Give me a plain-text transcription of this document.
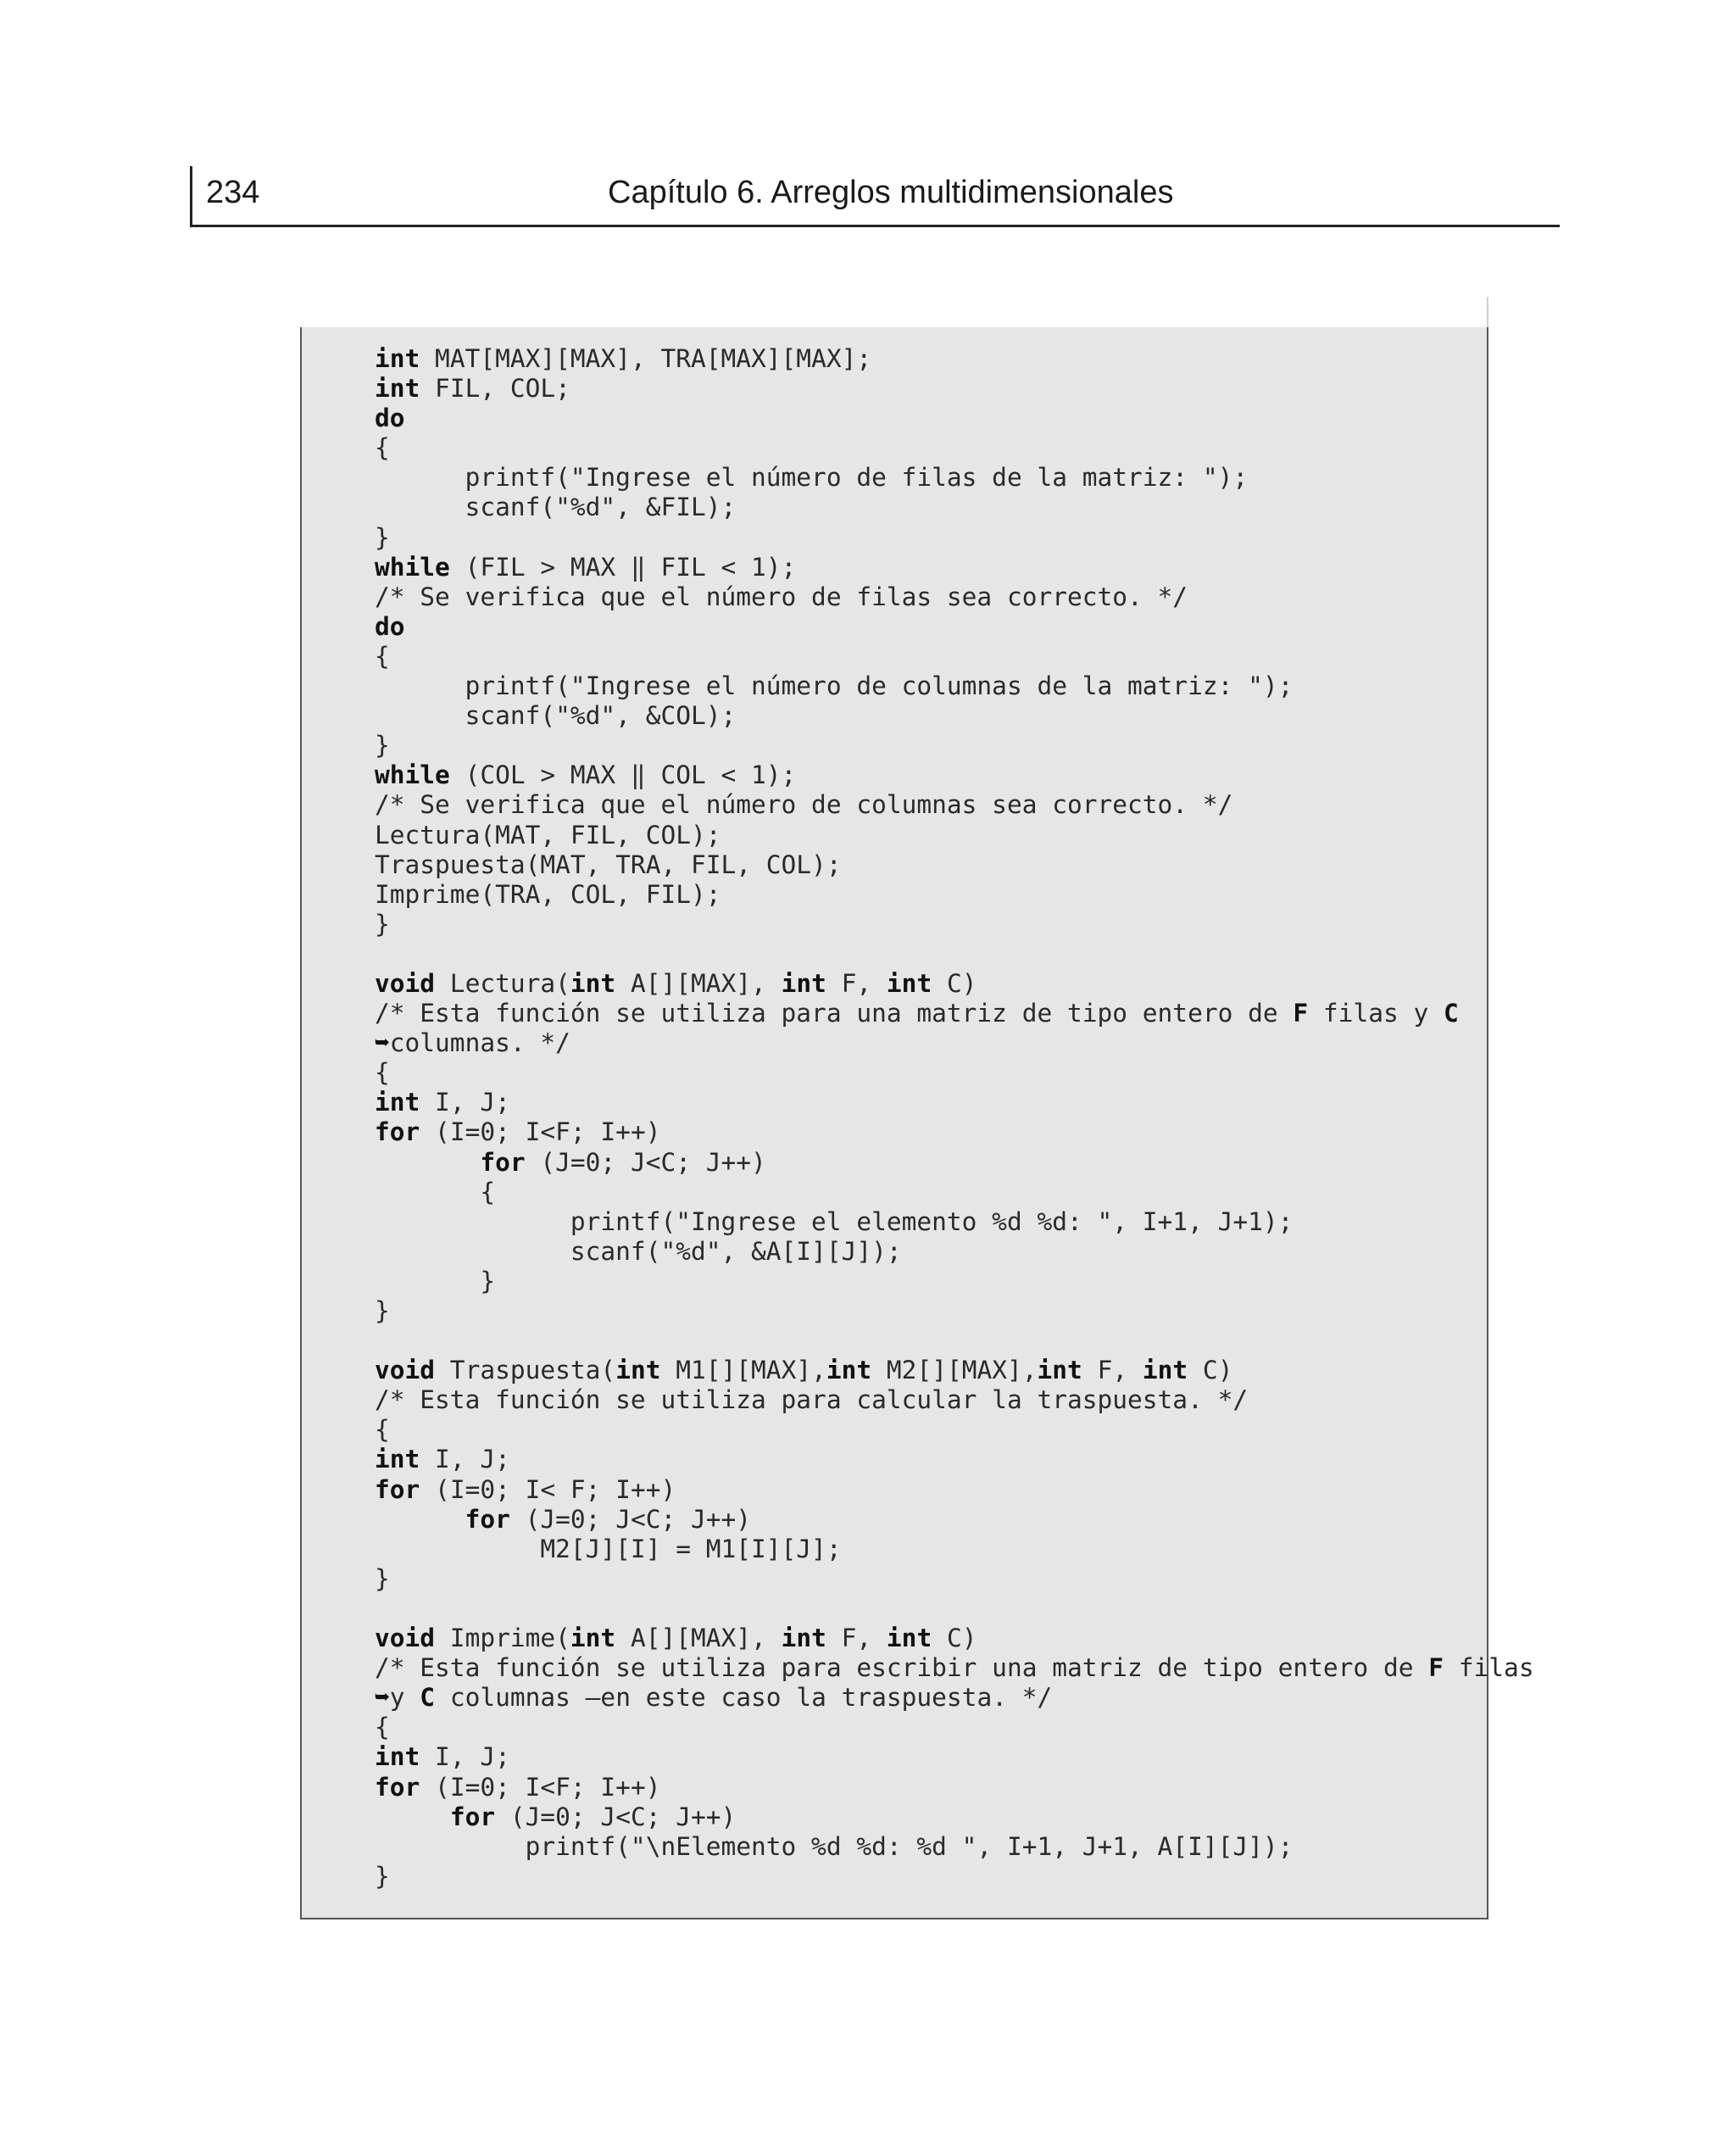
234	Capítulo 6. Arreglos multidimensionales
int MAT[MAX][MAX], TRA[MAX][MAX];
int FIL, COL;
do
{
printf("Ingrese el número de filas de la matriz: ");
scanf("%d", &FIL);
}
while (FIL > MAX ‖ FIL < 1);
/* Se verifica que el número de filas sea correcto. */
do
{
printf("Ingrese el número de columnas de la matriz: ");
scanf("%d", &COL);
}
while (COL > MAX ‖ COL < 1);
/* Se verifica que el número de columnas sea correcto. */
Lectura(MAT, FIL, COL);
Traspuesta(MAT, TRA, FIL, COL);
Imprime(TRA, COL, FIL);
}
void Lectura(int A[][MAX], int F, int C)
/* Esta función se utiliza para una matriz de tipo entero de F filas y C
➥columnas. */
{
int I, J;
for (I=0; I<F; I++)
for (J=0; J<C; J++)
{
printf("Ingrese el elemento %d %d: ", I+1, J+1);
scanf("%d", &A[I][J]);
}
}
void Traspuesta(int M1[][MAX],int M2[][MAX],int F, int C)
/* Esta función se utiliza para calcular la traspuesta. */
{
int I, J;
for (I=0; I< F; I++)
for (J=0; J<C; J++)
M2[J][I] = M1[I][J];
}
void Imprime(int A[][MAX], int F, int C)
/* Esta función se utiliza para escribir una matriz de tipo entero de F filas
➥y C columnas —en este caso la traspuesta. */
{
int I, J;
for (I=0; I<F; I++)
for (J=0; J<C; J++)
printf("\nElemento %d %d: %d ", I+1, J+1, A[I][J]);
}
